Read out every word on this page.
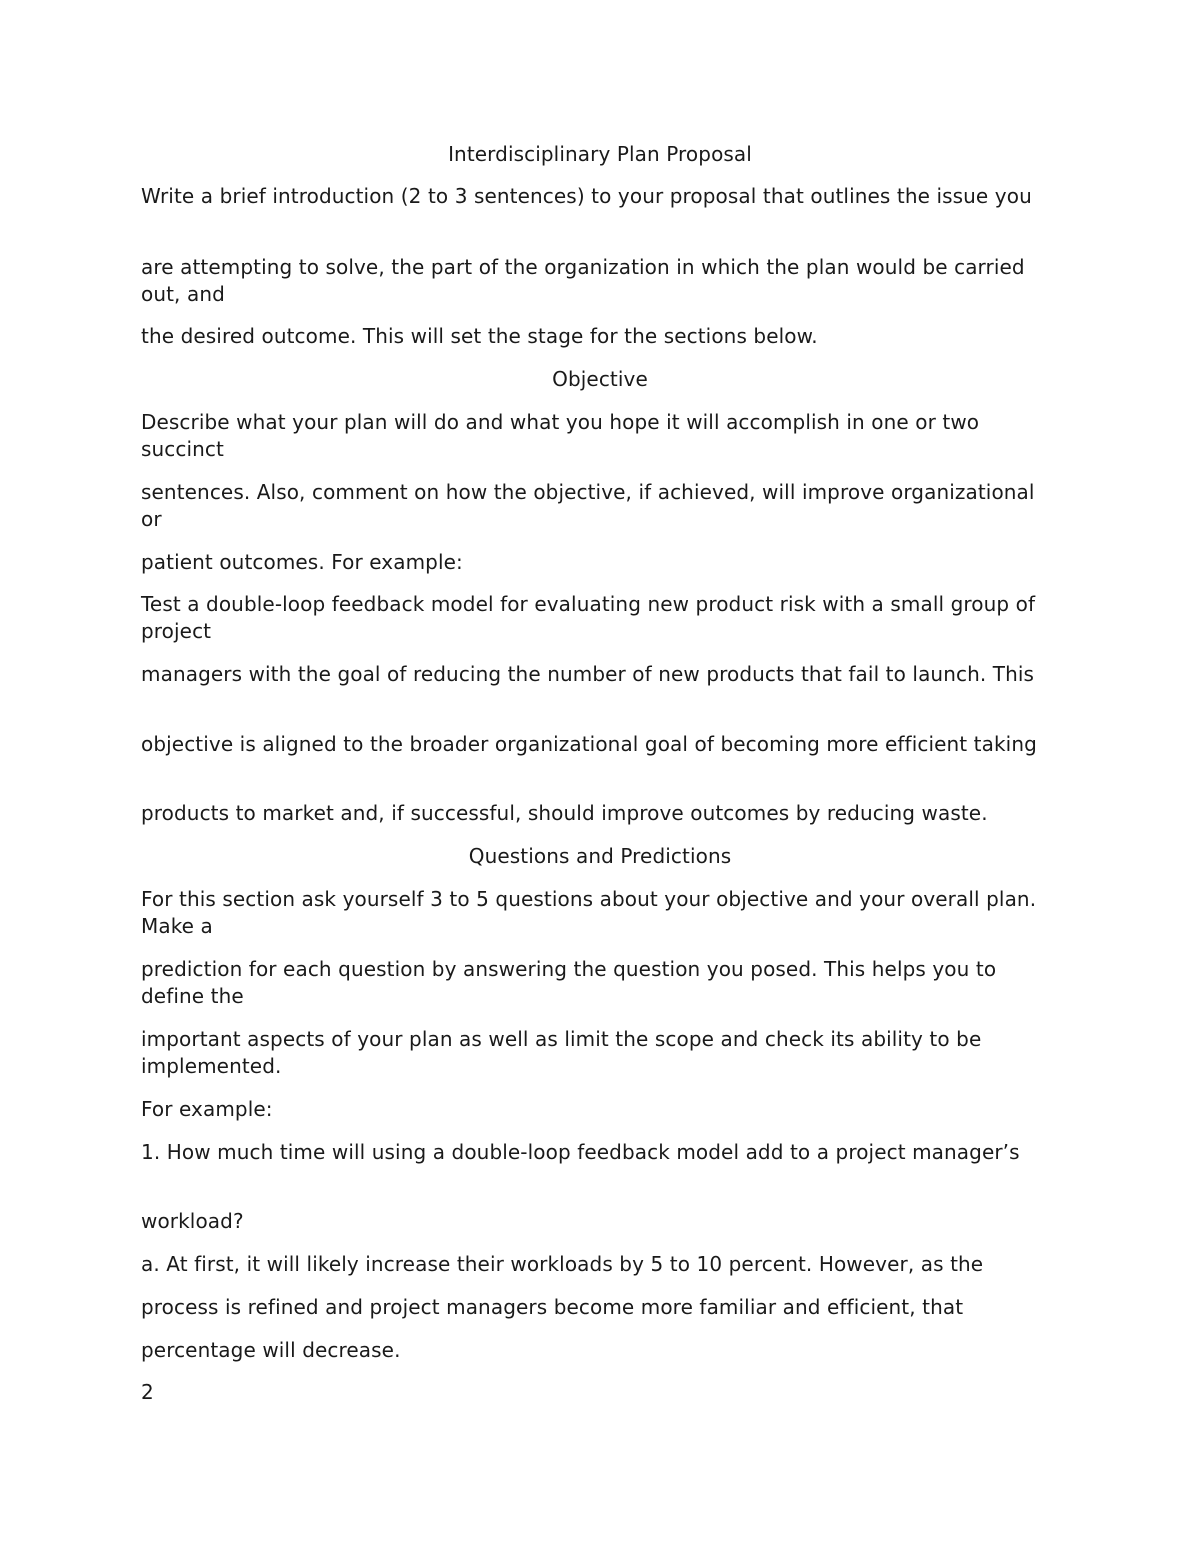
Interdisciplinary Plan Proposal
Write a brief introduction (2 to 3 sentences) to your proposal that outlines the issue you
are attempting to solve, the part of the organization in which the plan would be carried out, and
the desired outcome. This will set the stage for the sections below.
Objective
Describe what your plan will do and what you hope it will accomplish in one or two succinct
sentences. Also, comment on how the objective, if achieved, will improve organizational or
patient outcomes. For example:
Test a double-loop feedback model for evaluating new product risk with a small group of project
managers with the goal of reducing the number of new products that fail to launch. This
objective is aligned to the broader organizational goal of becoming more efficient taking
products to market and, if successful, should improve outcomes by reducing waste.
Questions and Predictions
For this section ask yourself 3 to 5 questions about your objective and your overall plan. Make a
prediction for each question by answering the question you posed. This helps you to define the
important aspects of your plan as well as limit the scope and check its ability to be implemented.
For example:
1. How much time will using a double-loop feedback model add to a project manager’s
workload?
a. At first, it will likely increase their workloads by 5 to 10 percent. However, as the
process is refined and project managers become more familiar and efficient, that
percentage will decrease.
2
